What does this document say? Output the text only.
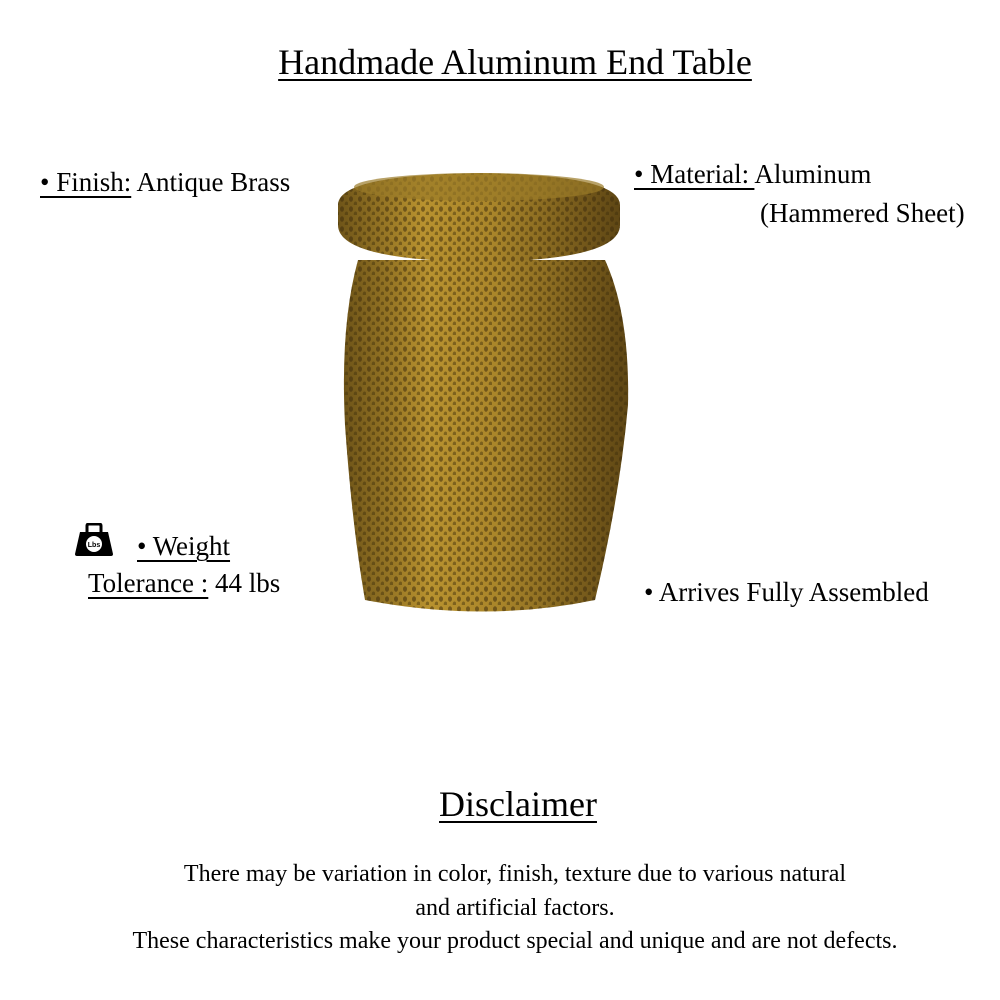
Handmade Aluminum End Table
• Finish: Antique Brass	• Material: Aluminum
(Hammered Sheet)
Lbs • Weight
Tolerance : 44 lbs	• Arrives Fully Assembled
Disclaimer
There may be variation in color, finish, texture due to various natural
and artificial factors.
These characteristics make your product special and unique and are not defects.
